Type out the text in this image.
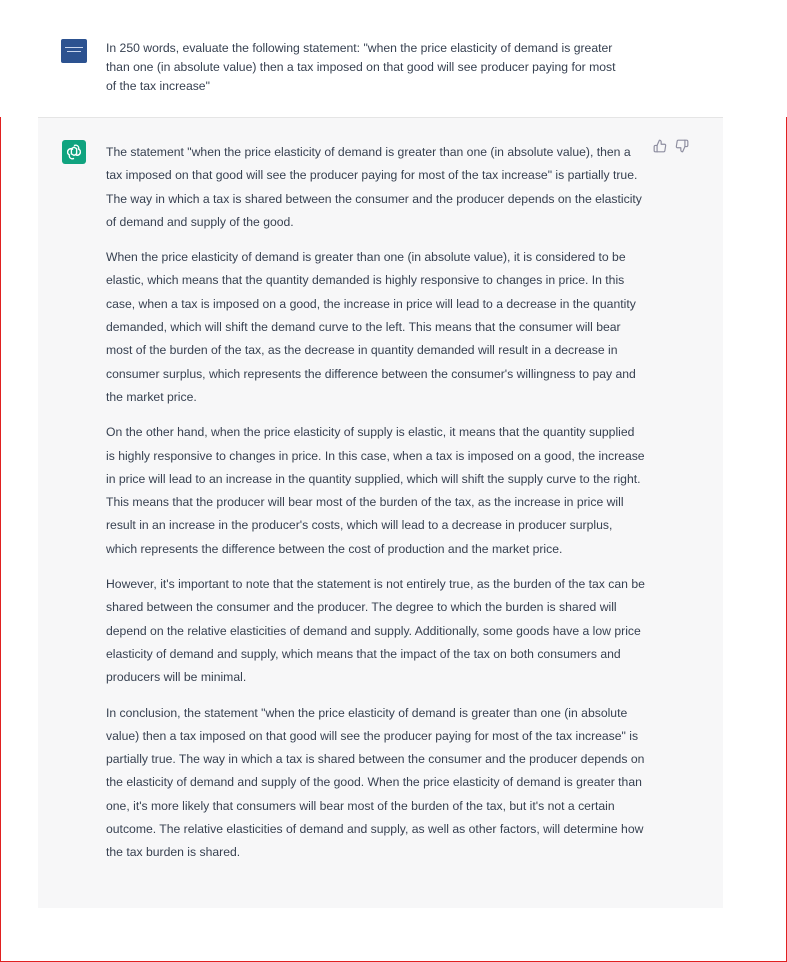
In 250 words, evaluate the following statement: "when the price elasticity of demand is greater than one (in absolute value) then a tax imposed on that good will see producer paying for most of the tax increase"

The statement "when the price elasticity of demand is greater than one (in absolute value), then a tax imposed on that good will see the producer paying for most of the tax increase" is partially true. The way in which a tax is shared between the consumer and the producer depends on the elasticity of demand and supply of the good.

When the price elasticity of demand is greater than one (in absolute value), it is considered to be elastic, which means that the quantity demanded is highly responsive to changes in price. In this case, when a tax is imposed on a good, the increase in price will lead to a decrease in the quantity demanded, which will shift the demand curve to the left. This means that the consumer will bear most of the burden of the tax, as the decrease in quantity demanded will result in a decrease in consumer surplus, which represents the difference between the consumer's willingness to pay and the market price.

On the other hand, when the price elasticity of supply is elastic, it means that the quantity supplied is highly responsive to changes in price. In this case, when a tax is imposed on a good, the increase in price will lead to an increase in the quantity supplied, which will shift the supply curve to the right. This means that the producer will bear most of the burden of the tax, as the increase in price will result in an increase in the producer's costs, which will lead to a decrease in producer surplus, which represents the difference between the cost of production and the market price.

However, it's important to note that the statement is not entirely true, as the burden of the tax can be shared between the consumer and the producer. The degree to which the burden is shared will depend on the relative elasticities of demand and supply. Additionally, some goods have a low price elasticity of demand and supply, which means that the impact of the tax on both consumers and producers will be minimal.

In conclusion, the statement "when the price elasticity of demand is greater than one (in absolute value) then a tax imposed on that good will see the producer paying for most of the tax increase" is partially true. The way in which a tax is shared between the consumer and the producer depends on the elasticity of demand and supply of the good. When the price elasticity of demand is greater than one, it's more likely that consumers will bear most of the burden of the tax, but it's not a certain outcome. The relative elasticities of demand and supply, as well as other factors, will determine how the tax burden is shared.
